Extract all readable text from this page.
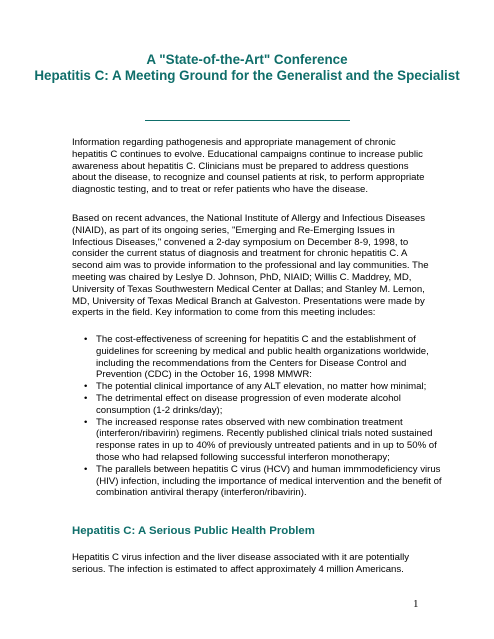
A "State-of-the-Art" Conference
Hepatitis C: A Meeting Ground for the Generalist and the Specialist

Information regarding pathogenesis and appropriate management of chronic hepatitis C continues to evolve. Educational campaigns continue to increase public awareness about hepatitis C. Clinicians must be prepared to address questions about the disease, to recognize and counsel patients at risk, to perform appropriate diagnostic testing, and to treat or refer patients who have the disease.

Based on recent advances, the National Institute of Allergy and Infectious Diseases (NIAID), as part of its ongoing series, "Emerging and Re-Emerging Issues in Infectious Diseases," convened a 2-day symposium on December 8-9, 1998, to consider the current status of diagnosis and treatment for chronic hepatitis C. A second aim was to provide information to the professional and lay communities. The meeting was chaired by Leslye D. Johnson, PhD, NIAID; Willis C. Maddrey, MD, University of Texas Southwestern Medical Center at Dallas; and Stanley M. Lemon, MD, University of Texas Medical Branch at Galveston. Presentations were made by experts in the field. Key information to come from this meeting includes:

• The cost-effectiveness of screening for hepatitis C and the establishment of guidelines for screening by medical and public health organizations worldwide, including the recommendations from the Centers for Disease Control and Prevention (CDC) in the October 16, 1998 MMWR:
• The potential clinical importance of any ALT elevation, no matter how minimal;
• The detrimental effect on disease progression of even moderate alcohol consumption (1-2 drinks/day);
• The increased response rates observed with new combination treatment (interferon/ribavirin) regimens. Recently published clinical trials noted sustained response rates in up to 40% of previously untreated patients and in up to 50% of those who had relapsed following successful interferon monotherapy;
• The parallels between hepatitis C virus (HCV) and human immmodeficiency virus (HIV) infection, including the importance of medical intervention and the benefit of combination antiviral therapy (interferon/ribavirin).
Hepatitis C: A Serious Public Health Problem

Hepatitis C virus infection and the liver disease associated with it are potentially serious. The infection is estimated to affect approximately 4 million Americans.

1
